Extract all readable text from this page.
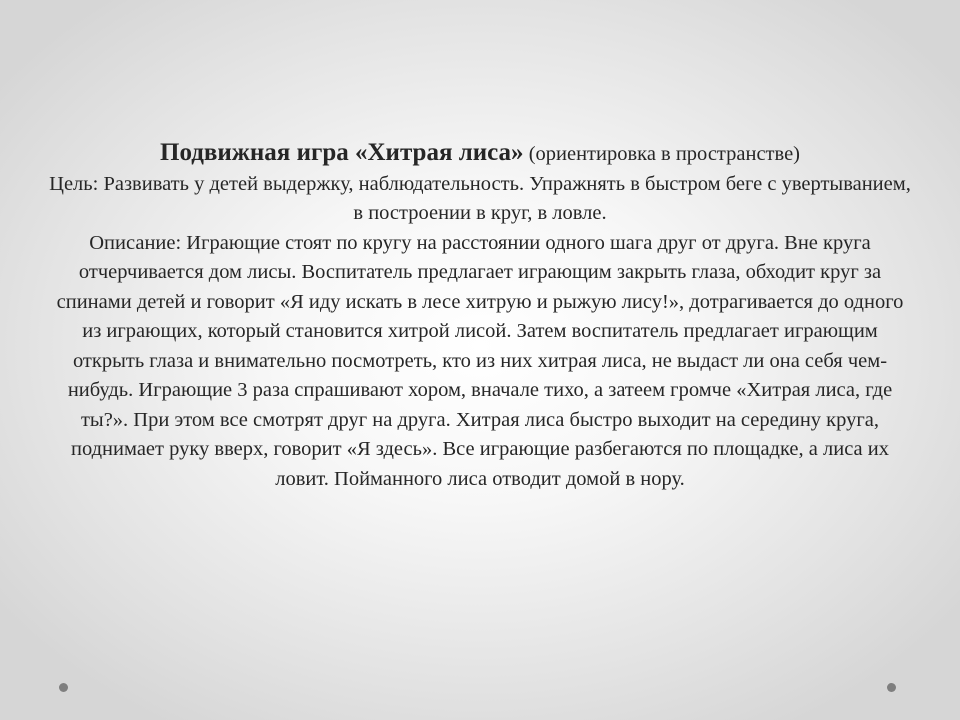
Подвижная игра «Хитрая лиса» (ориентировка в пространстве)

Цель: Развивать у детей выдержку, наблюдательность. Упражнять в быстром беге с увертыванием, в построении в круг, в ловле.

Описание: Играющие стоят по кругу на расстоянии одного шага друг от друга. Вне круга отчерчивается дом лисы. Воспитатель предлагает играющим закрыть глаза, обходит круг за спинами детей и говорит «Я иду искать в лесе хитрую и рыжую лису!», дотрагивается до одного из играющих, который становится хитрой лисой. Затем воспитатель предлагает играющим открыть глаза и внимательно посмотреть, кто из них хитрая лиса, не выдаст ли она себя чем-нибудь. Играющие 3 раза спрашивают хором, вначале тихо, а затеем громче «Хитрая лиса, где ты?». При этом все смотрят друг на друга. Хитрая лиса быстро выходит на середину круга, поднимает руку вверх, говорит «Я здесь». Все играющие разбегаются по площадке, а лиса их ловит. Пойманного лиса отводит домой в нору.
